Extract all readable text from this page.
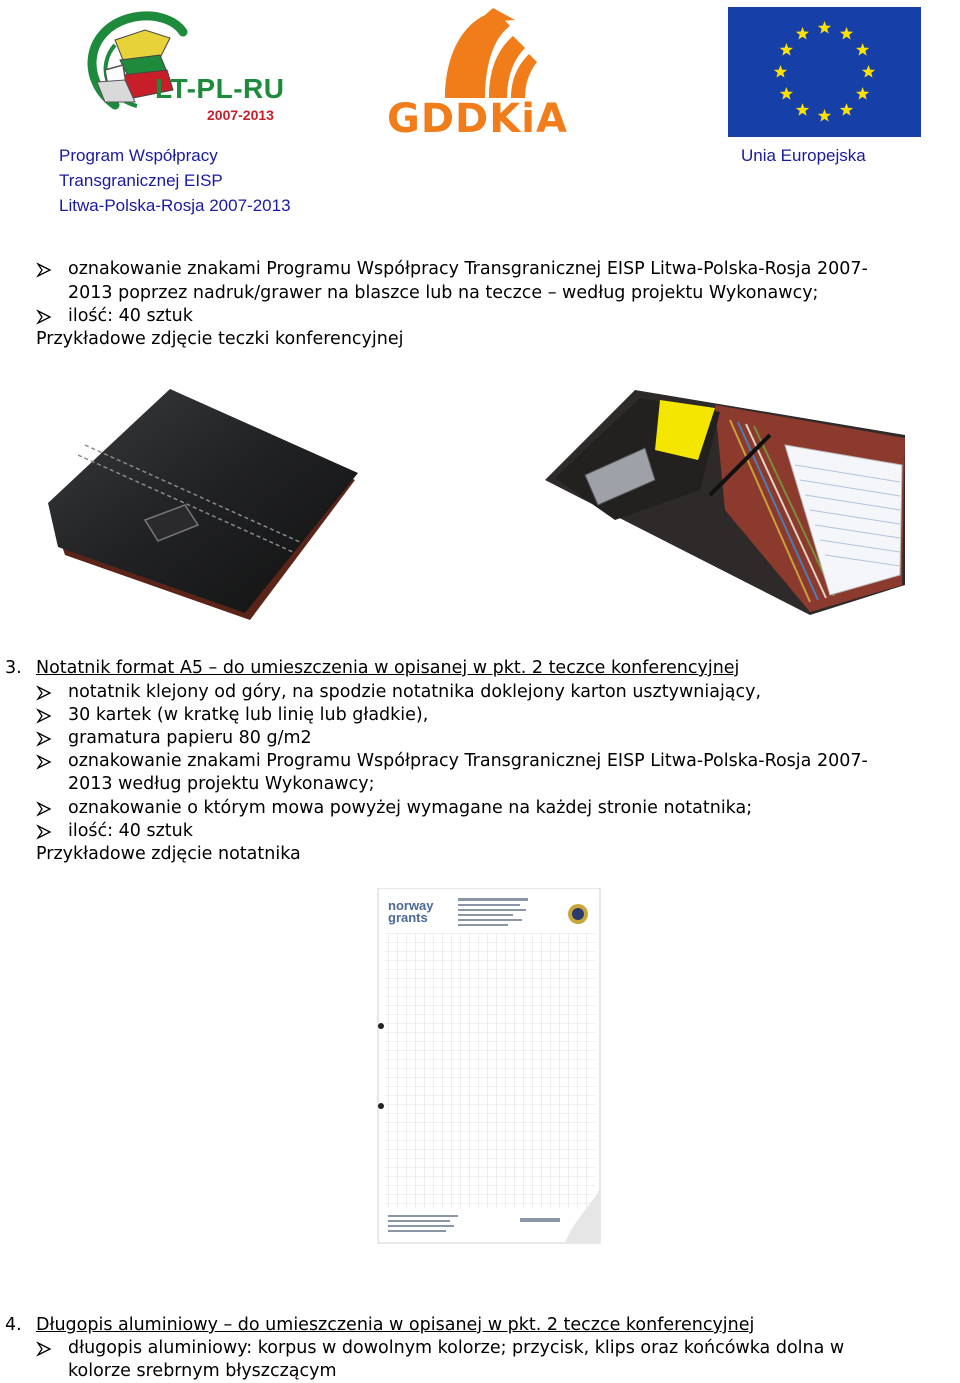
LT-PL-RU
2007-2013	GDDKiA
Program Współpracy
Transgranicznej EISP
Litwa-Polska-Rosja 2007-2013
Unia Europejska
oznakowanie znakami Programu Współpracy Transgranicznej EISP Litwa-Polska-Rosja 2007-
2013 poprzez nadruk/grawer na blaszce lub na teczce – według projektu Wykonawcy;
ilość: 40 sztuk
Przykładowe zdjęcie teczki konferencyjnej
3. Notatnik format A5 – do umieszczenia w opisanej w pkt. 2 teczce konferencyjnej
notatnik klejony od góry, na spodzie notatnika doklejony karton usztywniający,
30 kartek (w kratkę lub linię lub gładkie),
gramatura papieru 80 g/m2
oznakowanie znakami Programu Współpracy Transgranicznej EISP Litwa-Polska-Rosja 2007-
2013 według projektu Wykonawcy;
oznakowanie o którym mowa powyżej wymagane na każdej stronie notatnika;
ilość: 40 sztuk
Przykładowe zdjęcie notatnika
norway
grants
4. Długopis aluminiowy – do umieszczenia w opisanej w pkt. 2 teczce konferencyjnej
długopis aluminiowy: korpus w dowolnym kolorze; przycisk, klips oraz końcówka dolna w
kolorze srebrnym błyszczącym
